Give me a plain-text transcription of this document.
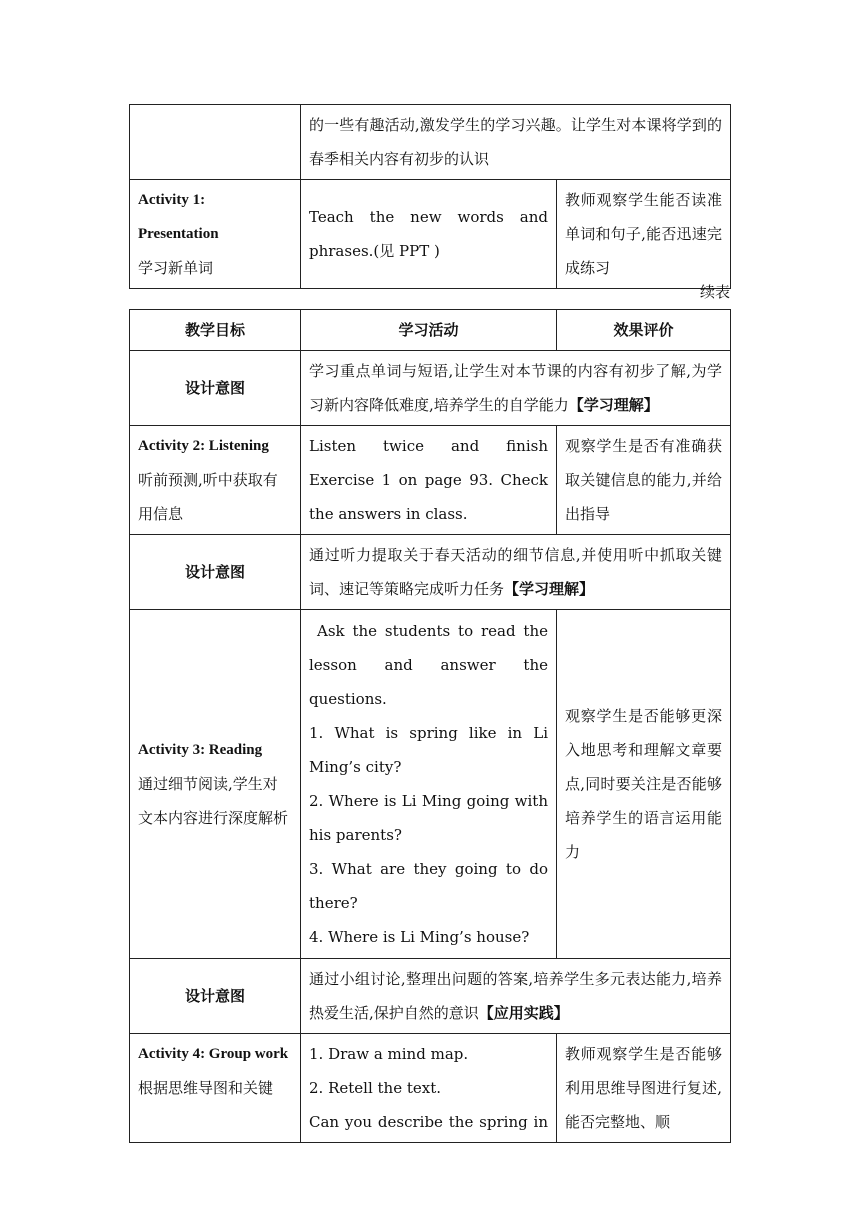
	的一些有趣活动,激发学生的学习兴趣。让学生对本课将学到的春季相关内容有初步的认识	

Activity 1:
Presentation
学习新单词	Teach the new words and phrases.(见 PPT )	教师观察学生能否读准单词和句子,能否迅速完成练习
续表
教学目标	学习活动	效果评价
设计意图	学习重点单词与短语,让学生对本节课的内容有初步了解,为学习新内容降低难度,培养学生的自学能力【学习理解】	

Activity 2: Listening
听前预测,听中获取有用信息	Listen twice and finish Exercise 1 on page 93. Check the answers in class.	观察学生是否有准确获取关键信息的能力,并给出指导
设计意图	通过听力提取关于春天活动的细节信息,并使用听中抓取关键词、速记等策略完成听力任务【学习理解】	

Activity 3: Reading
通过细节阅读,学生对文本内容进行深度解析	Ask the students to read the lesson and answer the questions.
1. What is spring like in Li Ming’s city?
2. Where is Li Ming going with his parents?
3. What are they going to do there?
4. Where is Li Ming’s house?	观察学生是否能够更深入地思考和理解文章要点,同时要关注是否能够培养学生的语言运用能力
设计意图	通过小组讨论,整理出问题的答案,培养学生多元表达能力,培养热爱生活,保护自然的意识【应用实践】	

Activity 4: Group work
根据思维导图和关键	1. Draw a mind map.
2. Retell the text.
Can you describe the spring in	教师观察学生是否能够利用思维导图进行复述,能否完整地、顺
